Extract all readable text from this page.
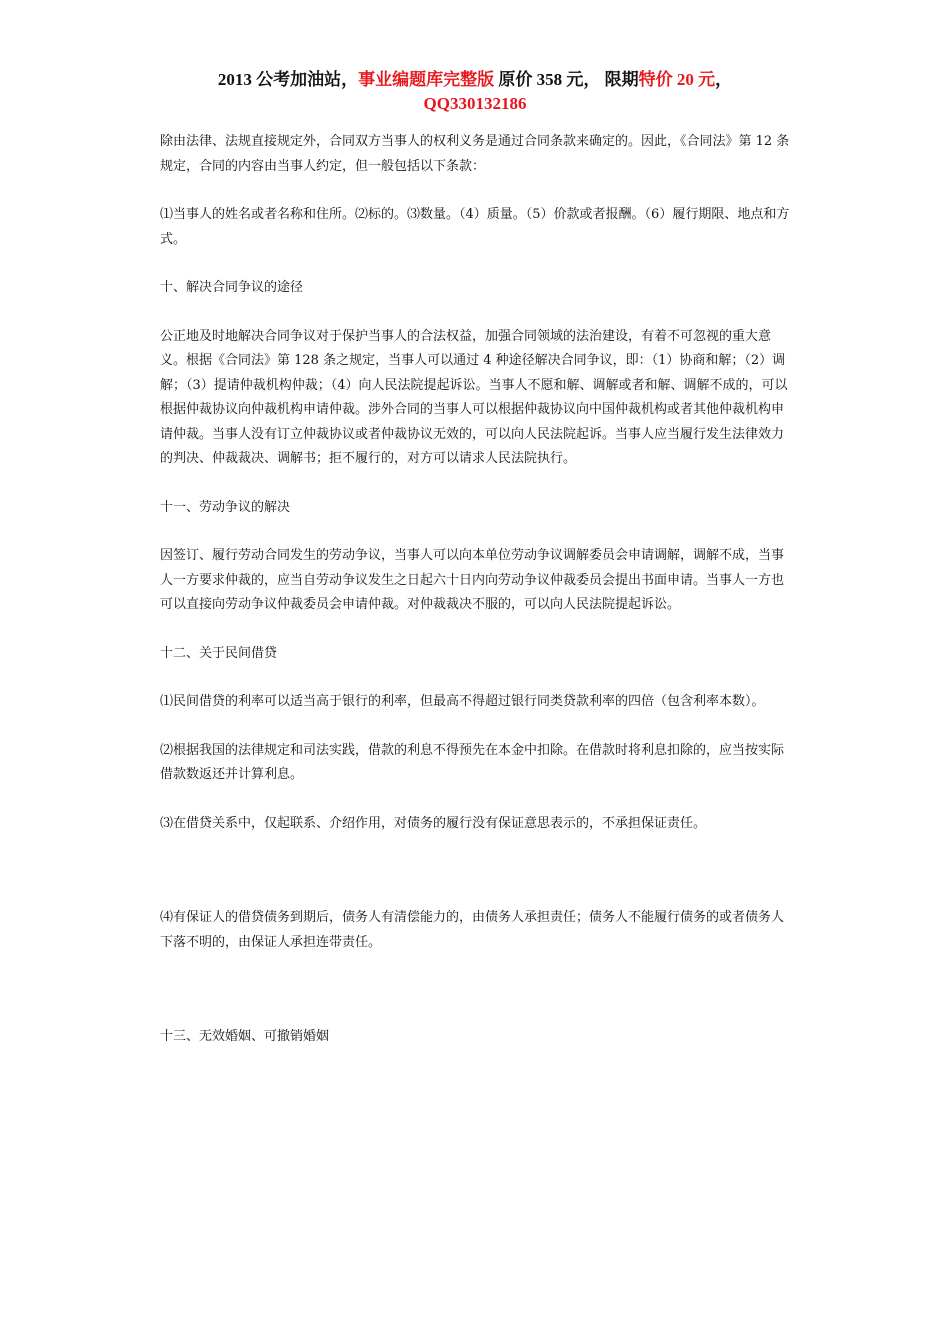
2013 公考加油站，事业编题库完整版 原价 358 元， 限期特价 20 元，
QQ330132186

除由法律、法规直接规定外，合同双方当事人的权利义务是通过合同条款来确定的。因此，《合同法》第 12 条规定，合同的内容由当事人约定，但一般包括以下条款：

⑴当事人的姓名或者名称和住所。⑵标的。⑶数量。（4）质量。（5）价款或者报酬。（6）履行期限、地点和方式。

十、解决合同争议的途径

公正地及时地解决合同争议对于保护当事人的合法权益，加强合同领域的法治建设，有着不可忽视的重大意义。根据《合同法》第 128 条之规定，当事人可以通过 4 种途径解决合同争议，即：（1）协商和解；（2）调解；（3）提请仲裁机构仲裁；（4）向人民法院提起诉讼。当事人不愿和解、调解或者和解、调解不成的，可以根据仲裁协议向仲裁机构申请仲裁。涉外合同的当事人可以根据仲裁协议向中国仲裁机构或者其他仲裁机构申请仲裁。当事人没有订立仲裁协议或者仲裁协议无效的，可以向人民法院起诉。当事人应当履行发生法律效力的判决、仲裁裁决、调解书；拒不履行的，对方可以请求人民法院执行。

十一、劳动争议的解决

因签订、履行劳动合同发生的劳动争议，当事人可以向本单位劳动争议调解委员会申请调解，调解不成，当事人一方要求仲裁的，应当自劳动争议发生之日起六十日内向劳动争议仲裁委员会提出书面申请。当事人一方也可以直接向劳动争议仲裁委员会申请仲裁。对仲裁裁决不服的，可以向人民法院提起诉讼。

十二、关于民间借贷

⑴民间借贷的利率可以适当高于银行的利率，但最高不得超过银行同类贷款利率的四倍（包含利率本数）。

⑵根据我国的法律规定和司法实践，借款的利息不得预先在本金中扣除。在借款时将利息扣除的，应当按实际借款数返还并计算利息。

⑶在借贷关系中，仅起联系、介绍作用，对债务的履行没有保证意思表示的，不承担保证责任。

⑷有保证人的借贷债务到期后，债务人有清偿能力的，由债务人承担责任；债务人不能履行债务的或者债务人下落不明的，由保证人承担连带责任。

十三、无效婚姻、可撤销婚姻
